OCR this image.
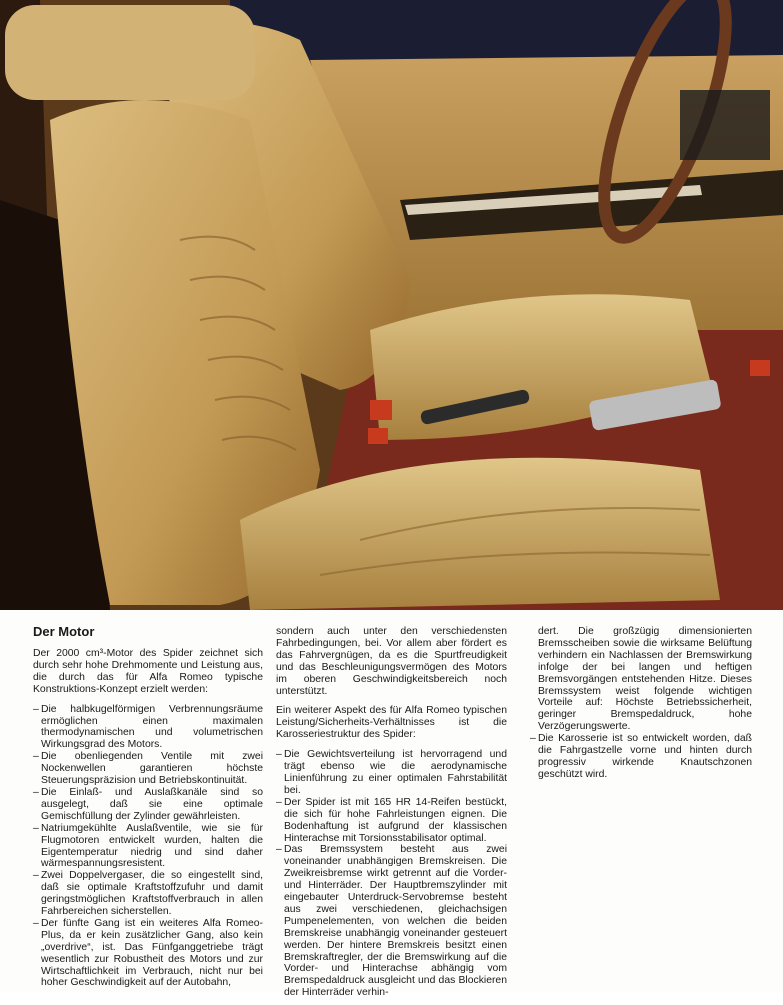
Der Motor

Der 2000 cm³-Motor des Spider zeichnet sich durch sehr hohe Drehmomente und Leistung aus, die durch das für Alfa Romeo typische Konstruktions-Konzept erzielt werden:

– Die halbkugelförmigen Verbrennungsräume ermöglichen einen maximalen thermodynamischen und volumetrischen Wirkungsgrad des Motors.
– Die obenliegenden Ventile mit zwei Nockenwellen garantieren höchste Steuerungspräzision und Betriebskontinuität.
– Die Einlaß- und Auslaßkanäle sind so ausgelegt, daß sie eine optimale Gemischfüllung der Zylinder gewährleisten.
– Natriumgekühlte Auslaßventile, wie sie für Flugmotoren entwickelt wurden, halten die Eigentemperatur niedrig und sind daher wärmespannungsresistent.
– Zwei Doppelvergaser, die so eingestellt sind, daß sie optimale Kraftstoffzufuhr und damit geringstmöglichen Kraftstoffverbrauch in allen Fahrbereichen sicherstellen.
– Der fünfte Gang ist ein weiteres Alfa Romeo-Plus, da er kein zusätzlicher Gang, also kein „overdrive“, ist. Das Fünfganggetriebe trägt wesentlich zur Robustheit des Motors und zur Wirtschaftlichkeit im Verbrauch, nicht nur bei hoher Geschwindigkeit auf der Autobahn,

sondern auch unter den verschiedensten Fahrbedingungen, bei. Vor allem aber fördert es das Fahrvergnügen, da es die Spurtfreudigkeit und das Beschleunigungsvermögen des Motors im oberen Geschwindigkeitsbereich noch unterstützt.

Ein weiterer Aspekt des für Alfa Romeo typischen Leistung/Sicherheits-Verhältnisses ist die Karosseriestruktur des Spider:

– Die Gewichtsverteilung ist hervorragend und trägt ebenso wie die aerodynamische Linienführung zu einer optimalen Fahrstabilität bei.
– Der Spider ist mit 165 HR 14-Reifen bestückt, die sich für hohe Fahrleistungen eignen. Die Bodenhaftung ist aufgrund der klassischen Hinterachse mit Torsionsstabilisator optimal.
– Das Bremssystem besteht aus zwei voneinander unabhängigen Bremskreisen. Die Zweikreisbremse wirkt getrennt auf die Vorder- und Hinterräder. Der Hauptbremszylinder mit eingebauter Unterdruck-Servobremse besteht aus zwei verschiedenen, gleichachsigen Pumpenelementen, von welchen die beiden Bremskreise unabhängig voneinander gesteuert werden. Der hintere Bremskreis besitzt einen Bremskraftregler, der die Bremswirkung auf die Vorder- und Hinterachse abhängig vom Bremspedaldruck ausgleicht und das Blockieren der Hinterräder verhin-

dert. Die großzügig dimensionierten Bremsscheiben sowie die wirksame Belüftung verhindern ein Nachlassen der Bremswirkung infolge der bei langen und heftigen Bremsvorgängen entstehenden Hitze. Dieses Bremssystem weist folgende wichtigen Vorteile auf: Höchste Betriebssicherheit, geringer Bremspedaldruck, hohe Verzögerungswerte.

– Die Karosserie ist so entwickelt worden, daß die Fahrgastzelle vorne und hinten durch progressiv wirkende Knautschzonen geschützt wird.
